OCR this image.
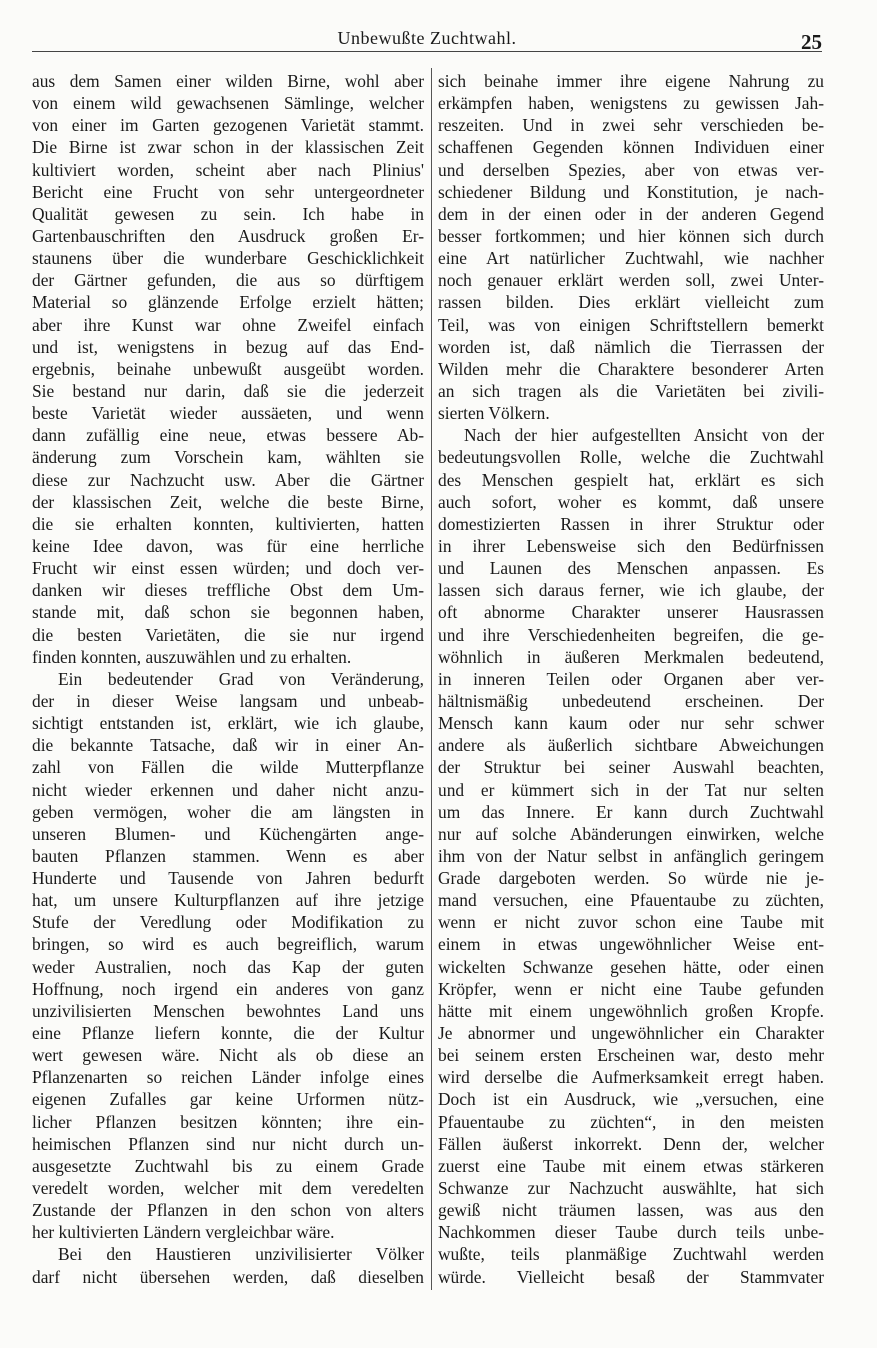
Unbewußte Zuchtwahl.	25
aus dem Samen einer wilden Birne, wohl aber
von einem wild gewachsenen Sämlinge, welcher
von einer im Garten gezogenen Varietät stammt.
Die Birne ist zwar schon in der klassischen Zeit
kultiviert worden, scheint aber nach Plinius'
Bericht eine Frucht von sehr untergeordneter
Qualität gewesen zu sein. Ich habe in
Gartenbauschriften den Ausdruck großen Er-
staunens über die wunderbare Geschicklichkeit
der Gärtner gefunden, die aus so dürftigem
Material so glänzende Erfolge erzielt hätten;
aber ihre Kunst war ohne Zweifel einfach
und ist, wenigstens in bezug auf das End-
ergebnis, beinahe unbewußt ausgeübt worden.
Sie bestand nur darin, daß sie die jederzeit
beste Varietät wieder aussäeten, und wenn
dann zufällig eine neue, etwas bessere Ab-
änderung zum Vorschein kam, wählten sie
diese zur Nachzucht usw. Aber die Gärtner
der klassischen Zeit, welche die beste Birne,
die sie erhalten konnten, kultivierten, hatten
keine Idee davon, was für eine herrliche
Frucht wir einst essen würden; und doch ver-
danken wir dieses treffliche Obst dem Um-
stande mit, daß schon sie begonnen haben,
die besten Varietäten, die sie nur irgend
finden konnten, auszuwählen und zu erhalten.
Ein bedeutender Grad von Veränderung,
der in dieser Weise langsam und unbeab-
sichtigt entstanden ist, erklärt, wie ich glaube,
die bekannte Tatsache, daß wir in einer An-
zahl von Fällen die wilde Mutterpflanze
nicht wieder erkennen und daher nicht anzu-
geben vermögen, woher die am längsten in
unseren Blumen- und Küchengärten ange-
bauten Pflanzen stammen. Wenn es aber
Hunderte und Tausende von Jahren bedurft
hat, um unsere Kulturpflanzen auf ihre jetzige
Stufe der Veredlung oder Modifikation zu
bringen, so wird es auch begreiflich, warum
weder Australien, noch das Kap der guten
Hoffnung, noch irgend ein anderes von ganz
unzivilisierten Menschen bewohntes Land uns
eine Pflanze liefern konnte, die der Kultur
wert gewesen wäre. Nicht als ob diese an
Pflanzenarten so reichen Länder infolge eines
eigenen Zufalles gar keine Urformen nütz-
licher Pflanzen besitzen könnten; ihre ein-
heimischen Pflanzen sind nur nicht durch un-
ausgesetzte Zuchtwahl bis zu einem Grade
veredelt worden, welcher mit dem veredelten
Zustande der Pflanzen in den schon von alters
her kultivierten Ländern vergleichbar wäre.
Bei den Haustieren unzivilisierter Völker
darf nicht übersehen werden, daß dieselben
sich beinahe immer ihre eigene Nahrung zu
erkämpfen haben, wenigstens zu gewissen Jah-
reszeiten. Und in zwei sehr verschieden be-
schaffenen Gegenden können Individuen einer
und derselben Spezies, aber von etwas ver-
schiedener Bildung und Konstitution, je nach-
dem in der einen oder in der anderen Gegend
besser fortkommen; und hier können sich durch
eine Art natürlicher Zuchtwahl, wie nachher
noch genauer erklärt werden soll, zwei Unter-
rassen bilden. Dies erklärt vielleicht zum
Teil, was von einigen Schriftstellern bemerkt
worden ist, daß nämlich die Tierrassen der
Wilden mehr die Charaktere besonderer Arten
an sich tragen als die Varietäten bei zivili-
sierten Völkern.
Nach der hier aufgestellten Ansicht von der
bedeutungsvollen Rolle, welche die Zuchtwahl
des Menschen gespielt hat, erklärt es sich
auch sofort, woher es kommt, daß unsere
domestizierten Rassen in ihrer Struktur oder
in ihrer Lebensweise sich den Bedürfnissen
und Launen des Menschen anpassen. Es
lassen sich daraus ferner, wie ich glaube, der
oft abnorme Charakter unserer Hausrassen
und ihre Verschiedenheiten begreifen, die ge-
wöhnlich in äußeren Merkmalen bedeutend,
in inneren Teilen oder Organen aber ver-
hältnismäßig unbedeutend erscheinen. Der
Mensch kann kaum oder nur sehr schwer
andere als äußerlich sichtbare Abweichungen
der Struktur bei seiner Auswahl beachten,
und er kümmert sich in der Tat nur selten
um das Innere. Er kann durch Zuchtwahl
nur auf solche Abänderungen einwirken, welche
ihm von der Natur selbst in anfänglich geringem
Grade dargeboten werden. So würde nie je-
mand versuchen, eine Pfauentaube zu züchten,
wenn er nicht zuvor schon eine Taube mit
einem in etwas ungewöhnlicher Weise ent-
wickelten Schwanze gesehen hätte, oder einen
Kröpfer, wenn er nicht eine Taube gefunden
hätte mit einem ungewöhnlich großen Kropfe.
Je abnormer und ungewöhnlicher ein Charakter
bei seinem ersten Erscheinen war, desto mehr
wird derselbe die Aufmerksamkeit erregt haben.
Doch ist ein Ausdruck, wie „versuchen, eine
Pfauentaube zu züchten“, in den meisten
Fällen äußerst inkorrekt. Denn der, welcher
zuerst eine Taube mit einem etwas stärkeren
Schwanze zur Nachzucht auswählte, hat sich
gewiß nicht träumen lassen, was aus den
Nachkommen dieser Taube durch teils unbe-
wußte, teils planmäßige Zuchtwahl werden
würde. Vielleicht besaß der Stammvater
